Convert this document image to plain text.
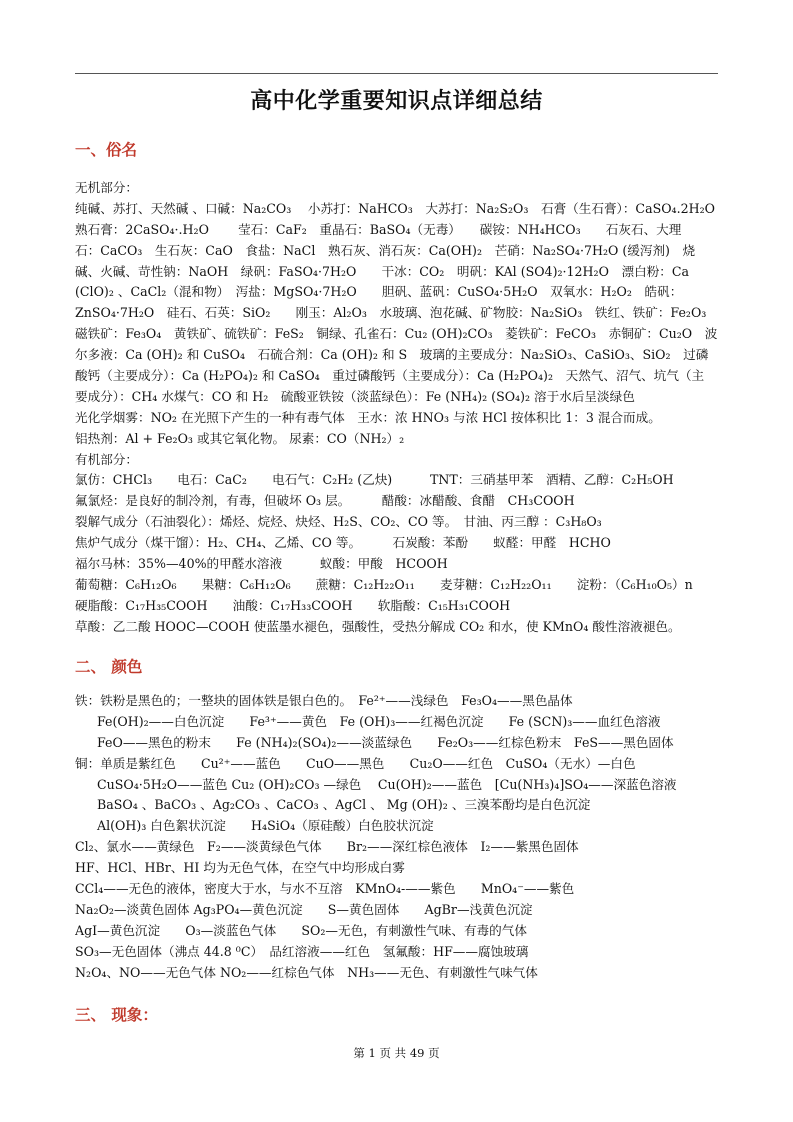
高中化学重要知识点详细总结
一、俗名
无机部分：
纯碱、苏打、天然碱 、口碱：Na₂CO₃　 小苏打：NaHCO₃　大苏打：Na₂S₂O₃　石膏（生石膏）：CaSO₄.2H₂O
熟石膏：2CaSO₄·.H₂O　　 莹石：CaF₂　重晶石：BaSO₄（无毒）　　碳铵：NH₄HCO₃　　石灰石、大理
石：CaCO₃　生石灰：CaO　食盐：NaCl　熟石灰、消石灰：Ca(OH)₂　芒硝：Na₂SO₄·7H₂O (缓泻剂)　烧
碱、火碱、苛性钠：NaOH　绿矾：FaSO₄·7H₂O　　干冰：CO₂　明矾：KAl (SO4)₂·12H₂O　漂白粉：Ca
(ClO)₂ 、CaCl₂（混和物）　泻盐：MgSO₄·7H₂O　　胆矾、蓝矾：CuSO₄·5H₂O　双氧水：H₂O₂　皓矾：
ZnSO₄·7H₂O　硅石、石英：SiO₂　　刚玉：Al₂O₃　水玻璃、泡花碱、矿物胶：Na₂SiO₃　铁红、铁矿：Fe₂O₃
磁铁矿：Fe₃O₄　黄铁矿、硫铁矿：FeS₂　铜绿、孔雀石：Cu₂ (OH)₂CO₃　菱铁矿：FeCO₃　赤铜矿：Cu₂O　波
尔多液：Ca (OH)₂ 和 CuSO₄　石硫合剂：Ca (OH)₂ 和 S　玻璃的主要成分：Na₂SiO₃、CaSiO₃、SiO₂　过磷
酸钙（主要成分）：Ca (H₂PO₄)₂ 和 CaSO₄　重过磷酸钙（主要成分）：Ca (H₂PO₄)₂　天然气、沼气、坑气（主
要成分）：CH₄ 水煤气：CO 和 H₂　硫酸亚铁铵（淡蓝绿色）：Fe (NH₄)₂ (SO₄)₂ 溶于水后呈淡绿色
光化学烟雾：NO₂ 在光照下产生的一种有毒气体　王水：浓 HNO₃ 与浓 HCl 按体积比 1：3 混合而成。
铝热剂：Al + Fe₂O₃ 或其它氧化物。 尿素：CO（NH₂）₂
有机部分：
氯仿：CHCl₃　　电石：CaC₂　　电石气：C₂H₂ (乙炔)　　　TNT：三硝基甲苯　酒精、乙醇：C₂H₅OH
氟氯烃：是良好的制冷剂，有毒，但破坏 O₃ 层。　　　醋酸：冰醋酸、食醋　CH₃COOH
裂解气成分（石油裂化）：烯烃、烷烃、炔烃、H₂S、CO₂、CO 等。　甘油、丙三醇 ：C₃H₈O₃
焦炉气成分（煤干馏）：H₂、CH₄、乙烯、CO 等。　　　石炭酸：苯酚　　蚁醛：甲醛　HCHO
福尔马林：35%—40%的甲醛水溶液　　　蚁酸：甲酸　HCOOH
葡萄糖：C₆H₁₂O₆　　果糖：C₆H₁₂O₆　　蔗糖：C₁₂H₂₂O₁₁　　麦芽糖：C₁₂H₂₂O₁₁　　淀粉：（C₆H₁₀O₅）n
硬脂酸：C₁₇H₃₅COOH　　油酸：C₁₇H₃₃COOH　　软脂酸：C₁₅H₃₁COOH
草酸：乙二酸 HOOC—COOH 使蓝墨水褪色，强酸性，受热分解成 CO₂ 和水，使 KMnO₄ 酸性溶液褪色。
二、 颜色
铁：铁粉是黑色的；一整块的固体铁是银白色的。　Fe²⁺——浅绿色　Fe₃O₄——黑色晶体
Fe(OH)₂——白色沉淀　　Fe³⁺——黄色　Fe (OH)₃——红褐色沉淀　　Fe (SCN)₃——血红色溶液
FeO——黑色的粉末　　Fe (NH₄)₂(SO₄)₂——淡蓝绿色　　Fe₂O₃——红棕色粉末　FeS——黑色固体
铜：单质是紫红色　　Cu²⁺——蓝色　　CuO——黑色　　Cu₂O——红色　CuSO₄（无水）—白色
CuSO₄·5H₂O——蓝色 Cu₂ (OH)₂CO₃ —绿色　 Cu(OH)₂——蓝色　[Cu(NH₃)₄]SO₄——深蓝色溶液
BaSO₄ 、BaCO₃ 、Ag₂CO₃ 、CaCO₃ 、AgCl 、 Mg (OH)₂ 、三溴苯酚均是白色沉淀
Al(OH)₃ 白色絮状沉淀　　H₄SiO₄（原硅酸）白色胶状沉淀
Cl₂、氯水——黄绿色　F₂——淡黄绿色气体　　Br₂——深红棕色液体　I₂——紫黑色固体
HF、HCl、HBr、HI 均为无色气体，在空气中均形成白雾
CCl₄——无色的液体，密度大于水，与水不互溶　KMnO₄-——紫色　　MnO₄⁻——紫色
Na₂O₂—淡黄色固体 Ag₃PO₄—黄色沉淀　　S—黄色固体　　AgBr—浅黄色沉淀
AgI—黄色沉淀　　O₃—淡蓝色气体　　SO₂—无色，有刺激性气味、有毒的气体
SO₃—无色固体（沸点 44.8 ⁰C）　品红溶液——红色　氢氟酸：HF——腐蚀玻璃
N₂O₄、NO——无色气体 NO₂——红棕色气体　NH₃——无色、有刺激性气味气体
三、 现象：
第 1 页 共 49 页
